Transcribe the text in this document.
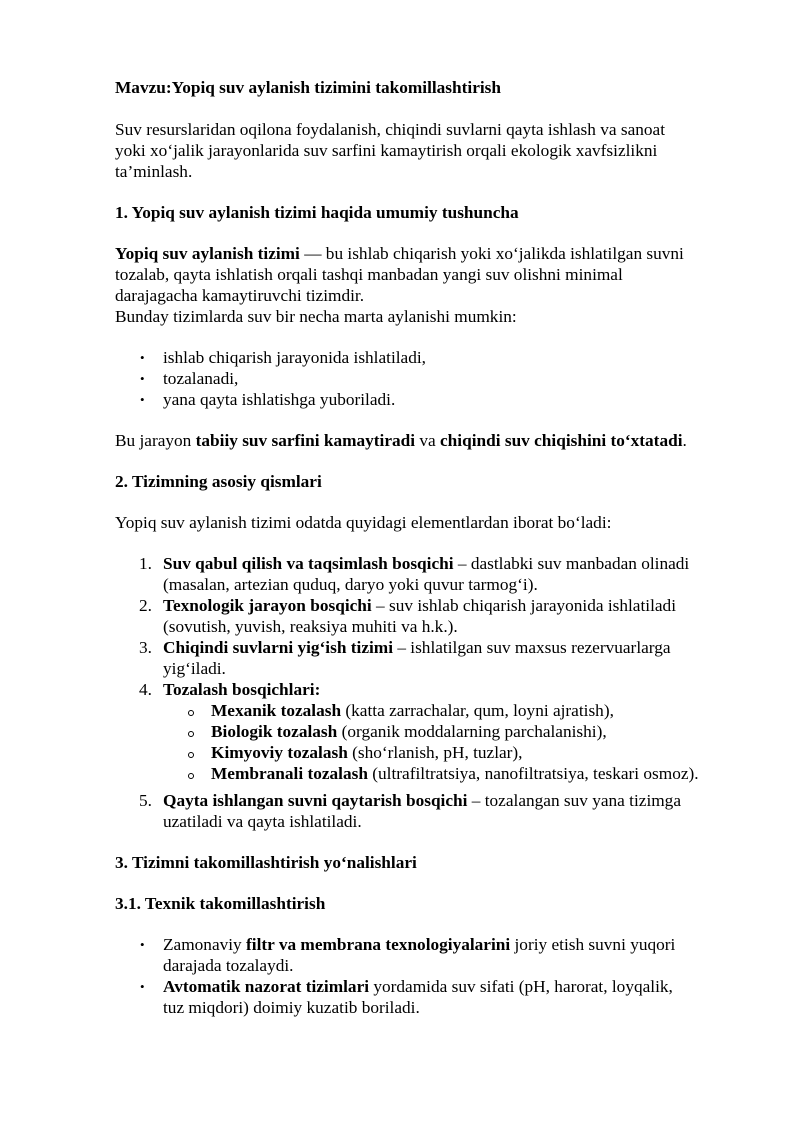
Mavzu:Yopiq suv aylanish tizimini takomillashtirish
Suv resurslaridan oqilona foydalanish, chiqindi suvlarni qayta ishlash va sanoat
yoki xo‘jalik jarayonlarida suv sarfini kamaytirish orqali ekologik xavfsizlikni
ta’minlash.
1. Yopiq suv aylanish tizimi haqida umumiy tushuncha
Yopiq suv aylanish tizimi — bu ishlab chiqarish yoki xo‘jalikda ishlatilgan suvni
tozalab, qayta ishlatish orqali tashqi manbadan yangi suv olishni minimal
darajagacha kamaytiruvchi tizimdir.
Bunday tizimlarda suv bir necha marta aylanishi mumkin:
• ishlab chiqarish jarayonida ishlatiladi,
• tozalanadi,
• yana qayta ishlatishga yuboriladi.
Bu jarayon tabiiy suv sarfini kamaytiradi va chiqindi suv chiqishini to‘xtatadi.
2. Tizimning asosiy qismlari
Yopiq suv aylanish tizimi odatda quyidagi elementlardan iborat bo‘ladi:
1. Suv qabul qilish va taqsimlash bosqichi – dastlabki suv manbadan olinadi
(masalan, artezian quduq, daryo yoki quvur tarmog‘i).
2. Texnologik jarayon bosqichi – suv ishlab chiqarish jarayonida ishlatiladi
(sovutish, yuvish, reaksiya muhiti va h.k.).
3. Chiqindi suvlarni yig‘ish tizimi – ishlatilgan suv maxsus rezervuarlarga
yig‘iladi.
4. Tozalash bosqichlari:
Mexanik tozalash (katta zarrachalar, qum, loyni ajratish),
Biologik tozalash (organik moddalarning parchalanishi),
Kimyoviy tozalash (sho‘rlanish, pH, tuzlar),
Membranali tozalash (ultrafiltratsiya, nanofiltratsiya, teskari osmoz).
5. Qayta ishlangan suvni qaytarish bosqichi – tozalangan suv yana tizimga
uzatiladi va qayta ishlatiladi.
3. Tizimni takomillashtirish yo‘nalishlari
3.1. Texnik takomillashtirish
• Zamonaviy filtr va membrana texnologiyalarini joriy etish suvni yuqori
darajada tozalaydi.
• Avtomatik nazorat tizimlari yordamida suv sifati (pH, harorat, loyqalik,
tuz miqdori) doimiy kuzatib boriladi.
